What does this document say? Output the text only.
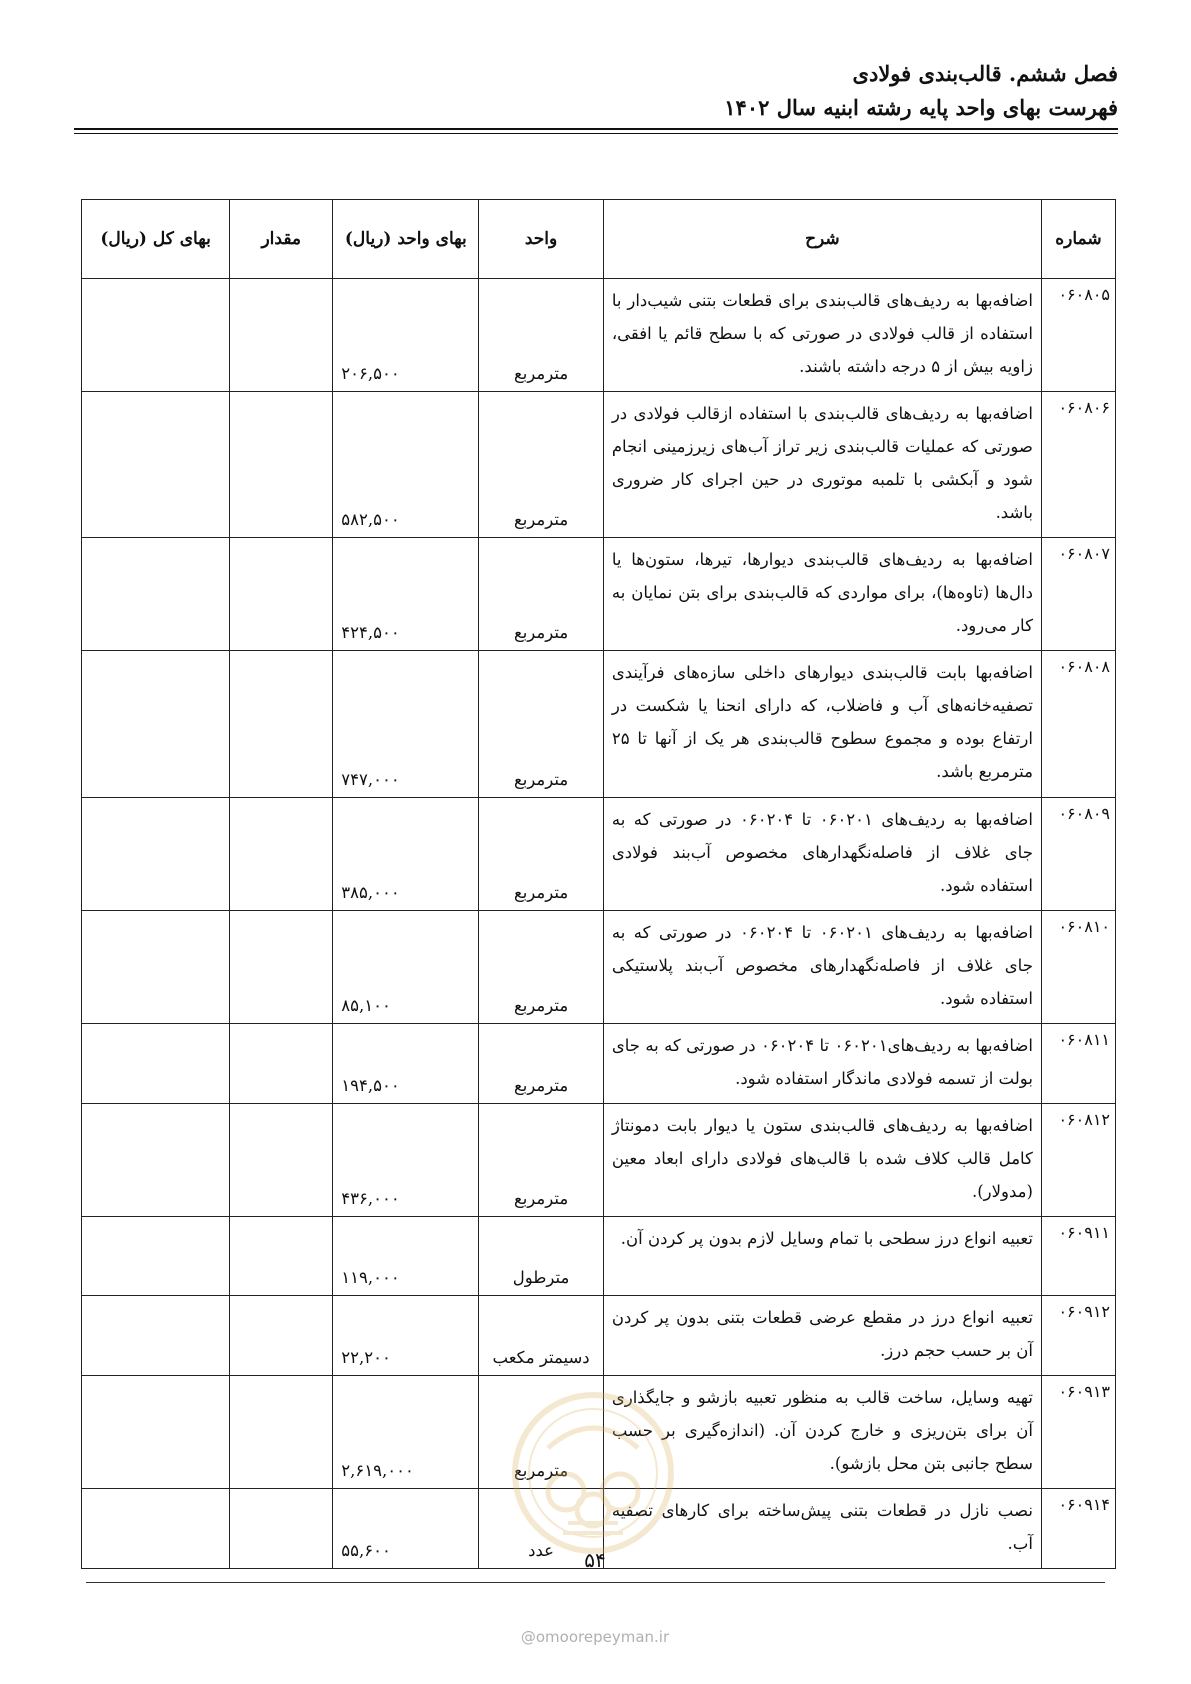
فصل ششم. قالب‌بندی فولادی
فهرست بهای واحد پایه رشته ابنیه سال ۱۴۰۲
شماره	شرح	واحد	بهای واحد (ریال)	مقدار	بهای کل (ریال)
۰۶۰۸۰۵	اضافه‌بها به ردیف‌های قالب‌بندی برای قطعات بتنی شیب‌دار با استفاده از قالب فولادی در صورتی که با سطح قائم یا افقی، زاویه بیش از ۵ درجه داشته باشند.	مترمربع	۲۰۶,۵۰۰		
۰۶۰۸۰۶	اضافه‌بها به ردیف‌های قالب‌بندی با استفاده ازقالب فولادی در صورتی که عملیات قالب‌بندی زیر تراز آب‌های زیرزمینی انجام شود و آبکشی با تلمبه موتوری در حین اجرای کار ضروری باشد.	مترمربع	۵۸۲,۵۰۰		
۰۶۰۸۰۷	اضافه‌بها به ردیف‌های قالب‌بندی دیوارها، تیرها، ستون‌ها یا دال‌ها (تاوه‌ها)، برای مواردی که قالب‌بندی برای بتن نمایان به کار می‌رود.	مترمربع	۴۲۴,۵۰۰		
۰۶۰۸۰۸	اضافه‌بها بابت قالب‌بندی دیوارهای داخلی سازه‌های فرآیندی تصفیه‌خانه‌های آب و فاضلاب، که دارای انحنا یا شکست در ارتفاع بوده و مجموع سطوح قالب‌بندی هر یک از آنها تا ۲۵ مترمربع باشد.	مترمربع	۷۴۷,۰۰۰		
۰۶۰۸۰۹	اضافه‌بها به ردیف‌های ۰۶۰۲۰۱ تا ۰۶۰۲۰۴ در صورتی که به جای غلاف از فاصله‌نگهدارهای مخصوص آب‌بند فولادی استفاده شود.	مترمربع	۳۸۵,۰۰۰		
۰۶۰۸۱۰	اضافه‌بها به ردیف‌های ۰۶۰۲۰۱ تا ۰۶۰۲۰۴ در صورتی که به جای غلاف از فاصله‌نگهدارهای مخصوص آب‌بند پلاستیکی استفاده شود.	مترمربع	۸۵,۱۰۰		
۰۶۰۸۱۱	اضافه‌بها به ردیف‌های۰۶۰۲۰۱ تا ۰۶۰۲۰۴ در صورتی که به جای بولت از تسمه فولادی ماندگار استفاده شود.	مترمربع	۱۹۴,۵۰۰		
۰۶۰۸۱۲	اضافه‌بها به ردیف‌های قالب‌بندی ستون یا دیوار بابت دمونتاژ کامل قالب کلاف شده با قالب‌های فولادی دارای ابعاد معین (مدولار).	مترمربع	۴۳۶,۰۰۰		
۰۶۰۹۱۱	تعبیه انواع درز سطحی با تمام وسایل لازم بدون پر کردن آن.	مترطول	۱۱۹,۰۰۰		
۰۶۰۹۱۲	تعبیه انواع درز در مقطع عرضی قطعات بتنی بدون پر کردن آن بر حسب حجم درز.	دسیمتر مکعب	۲۲,۲۰۰		
۰۶۰۹۱۳	تهیه وسایل، ساخت قالب به منظور تعبیه بازشو و جایگذاری آن برای بتن‌ریزی و خارج کردن آن. (اندازه‌گیری بر حسب سطح جانبی بتن محل بازشو).	مترمربع	۲,۶۱۹,۰۰۰		
۰۶۰۹۱۴	نصب نازل در قطعات بتنی پیش‌ساخته برای کارهای تصفیه آب.	عدد	۵۵,۶۰۰			۵۴
@omoorepeyman.ir
